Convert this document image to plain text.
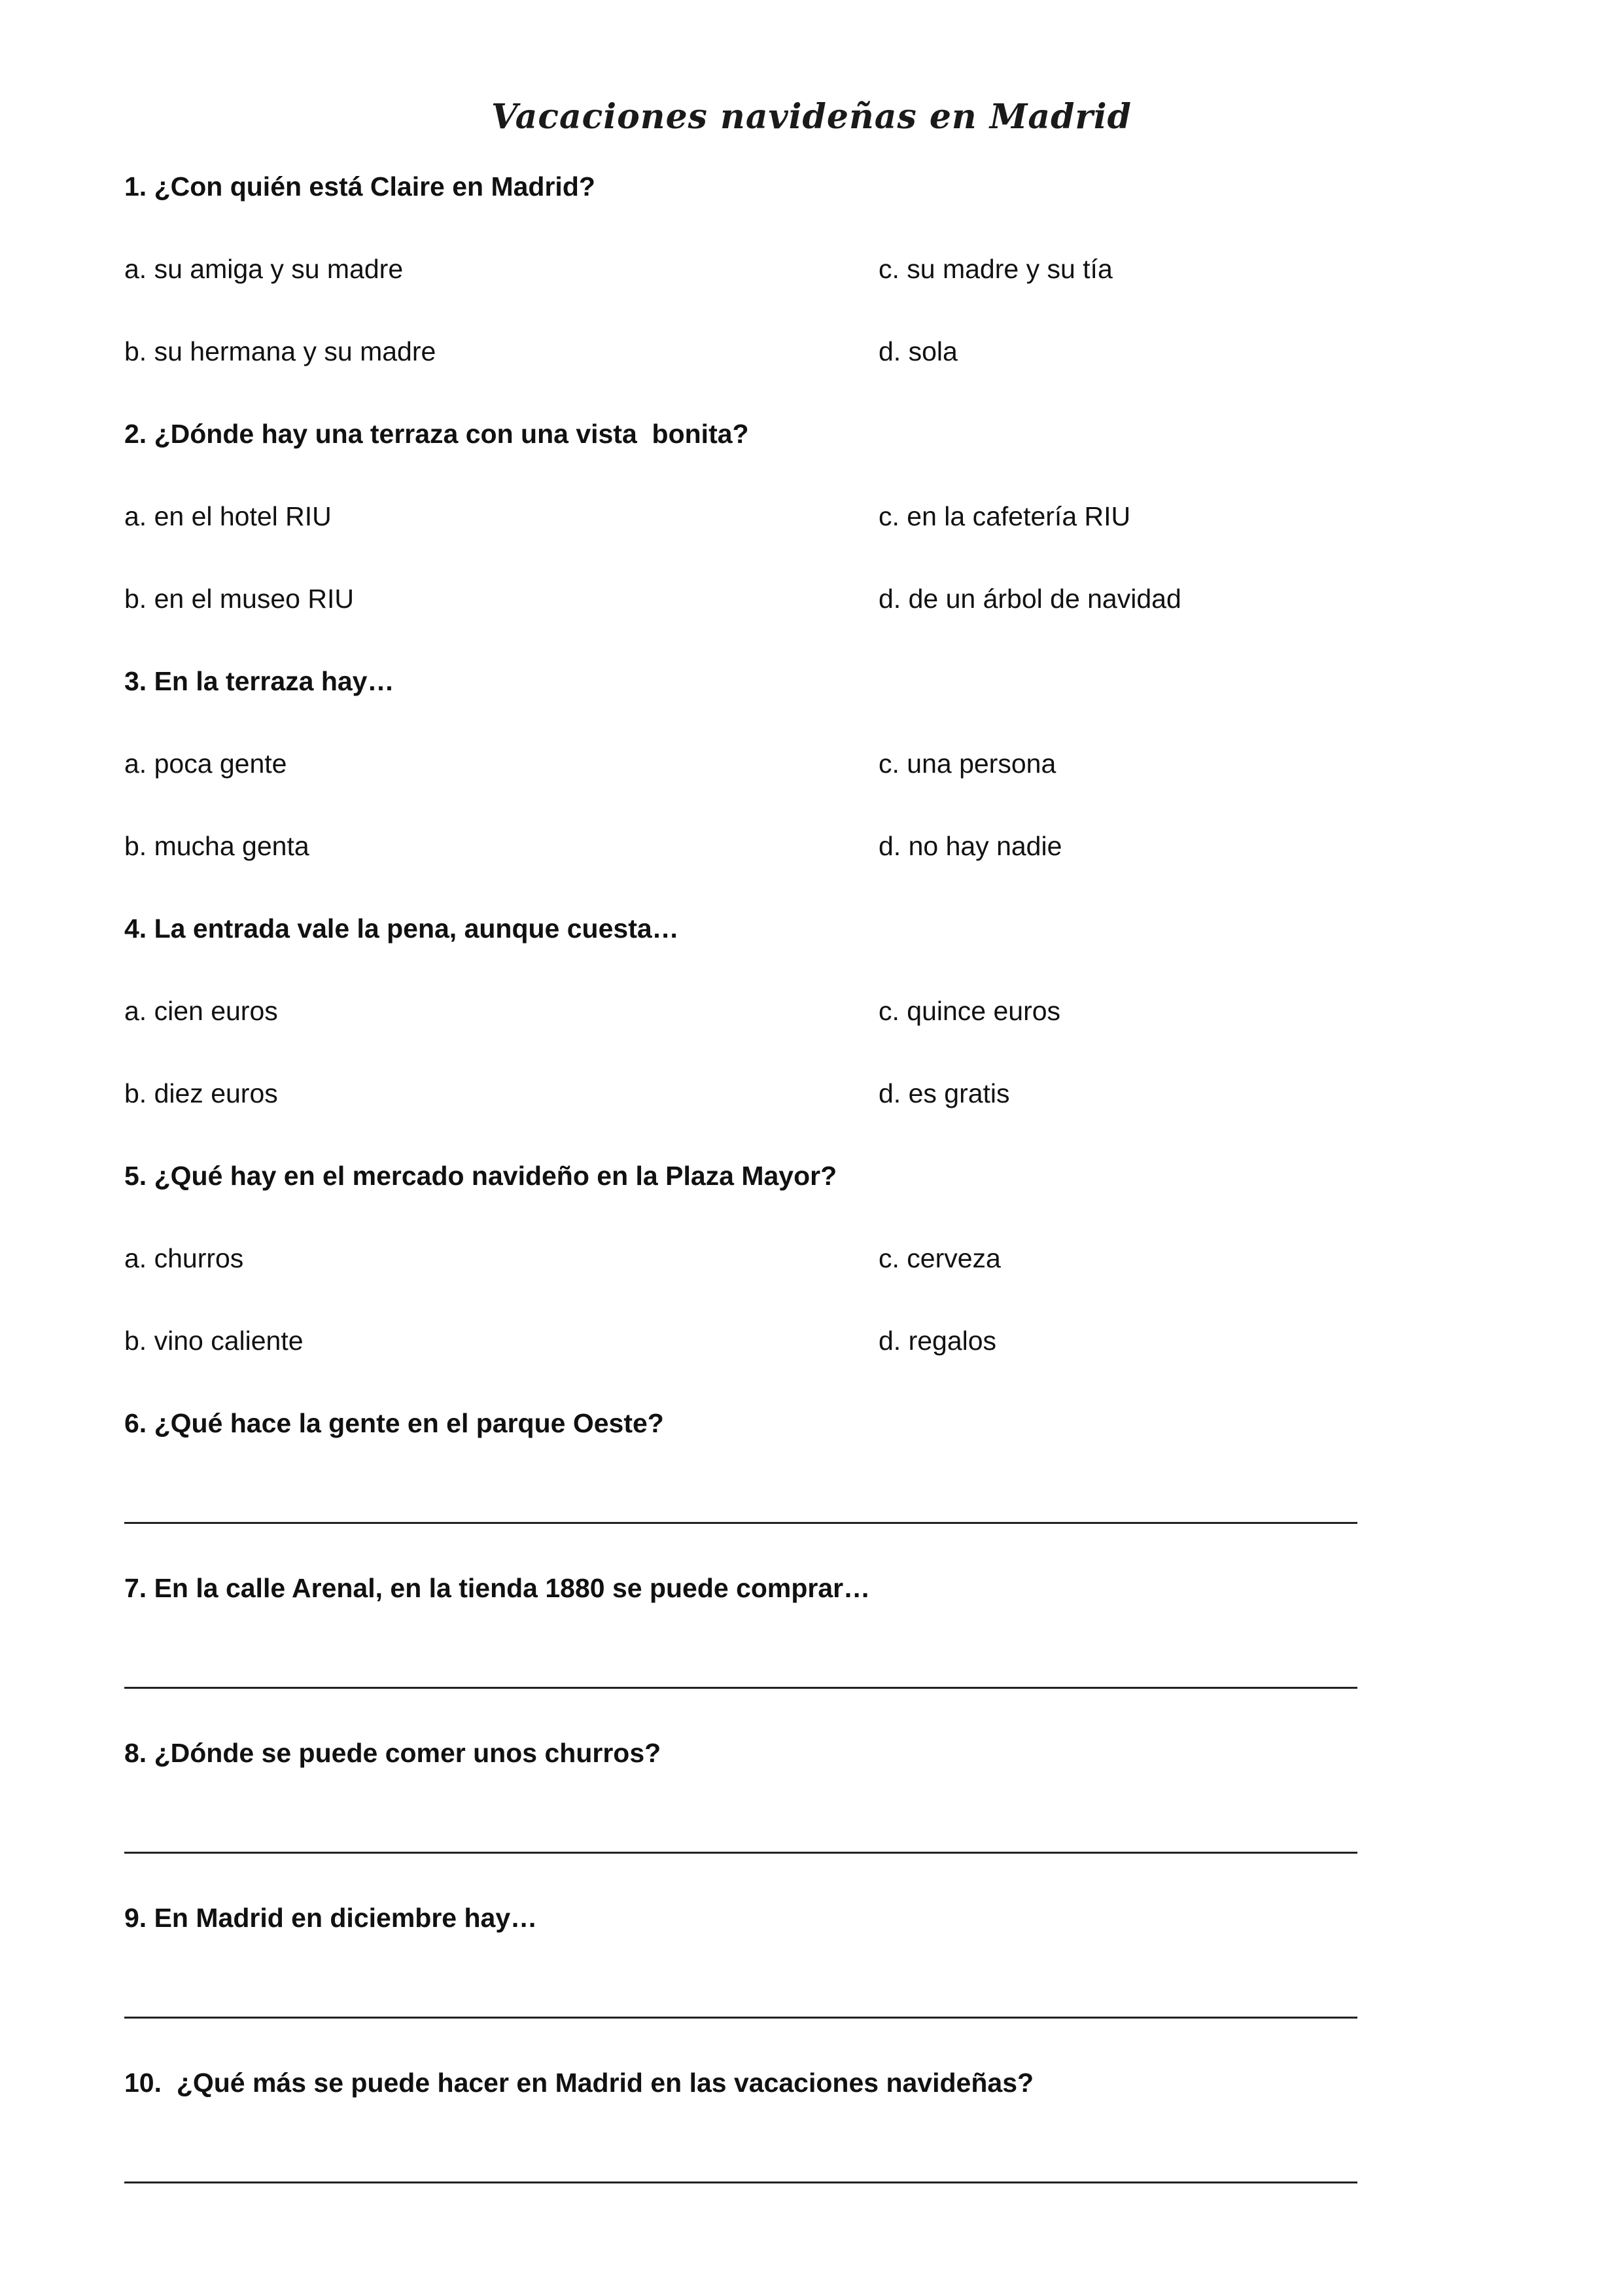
Vacaciones navideñas en Madrid
1. ¿Con quién está Claire en Madrid?
a. su amiga y su madre	c. su madre y su tía
b. su hermana y su madre	d. sola
2. ¿Dónde hay una terraza con una vista  bonita?
a. en el hotel RIU	c. en la cafetería RIU
b. en el museo RIU	d. de un árbol de navidad
3. En la terraza hay…
a. poca gente	c. una persona
b. mucha genta	d. no hay nadie
4. La entrada vale la pena, aunque cuesta…
a. cien euros	c. quince euros
b. diez euros	d. es gratis
5. ¿Qué hay en el mercado navideño en la Plaza Mayor?
a. churros	c. cerveza
b. vino caliente	d. regalos
6. ¿Qué hace la gente en el parque Oeste?
7. En la calle Arenal, en la tienda 1880 se puede comprar…
8. ¿Dónde se puede comer unos churros?
9. En Madrid en diciembre hay…
10.  ¿Qué más se puede hacer en Madrid en las vacaciones navideñas?
